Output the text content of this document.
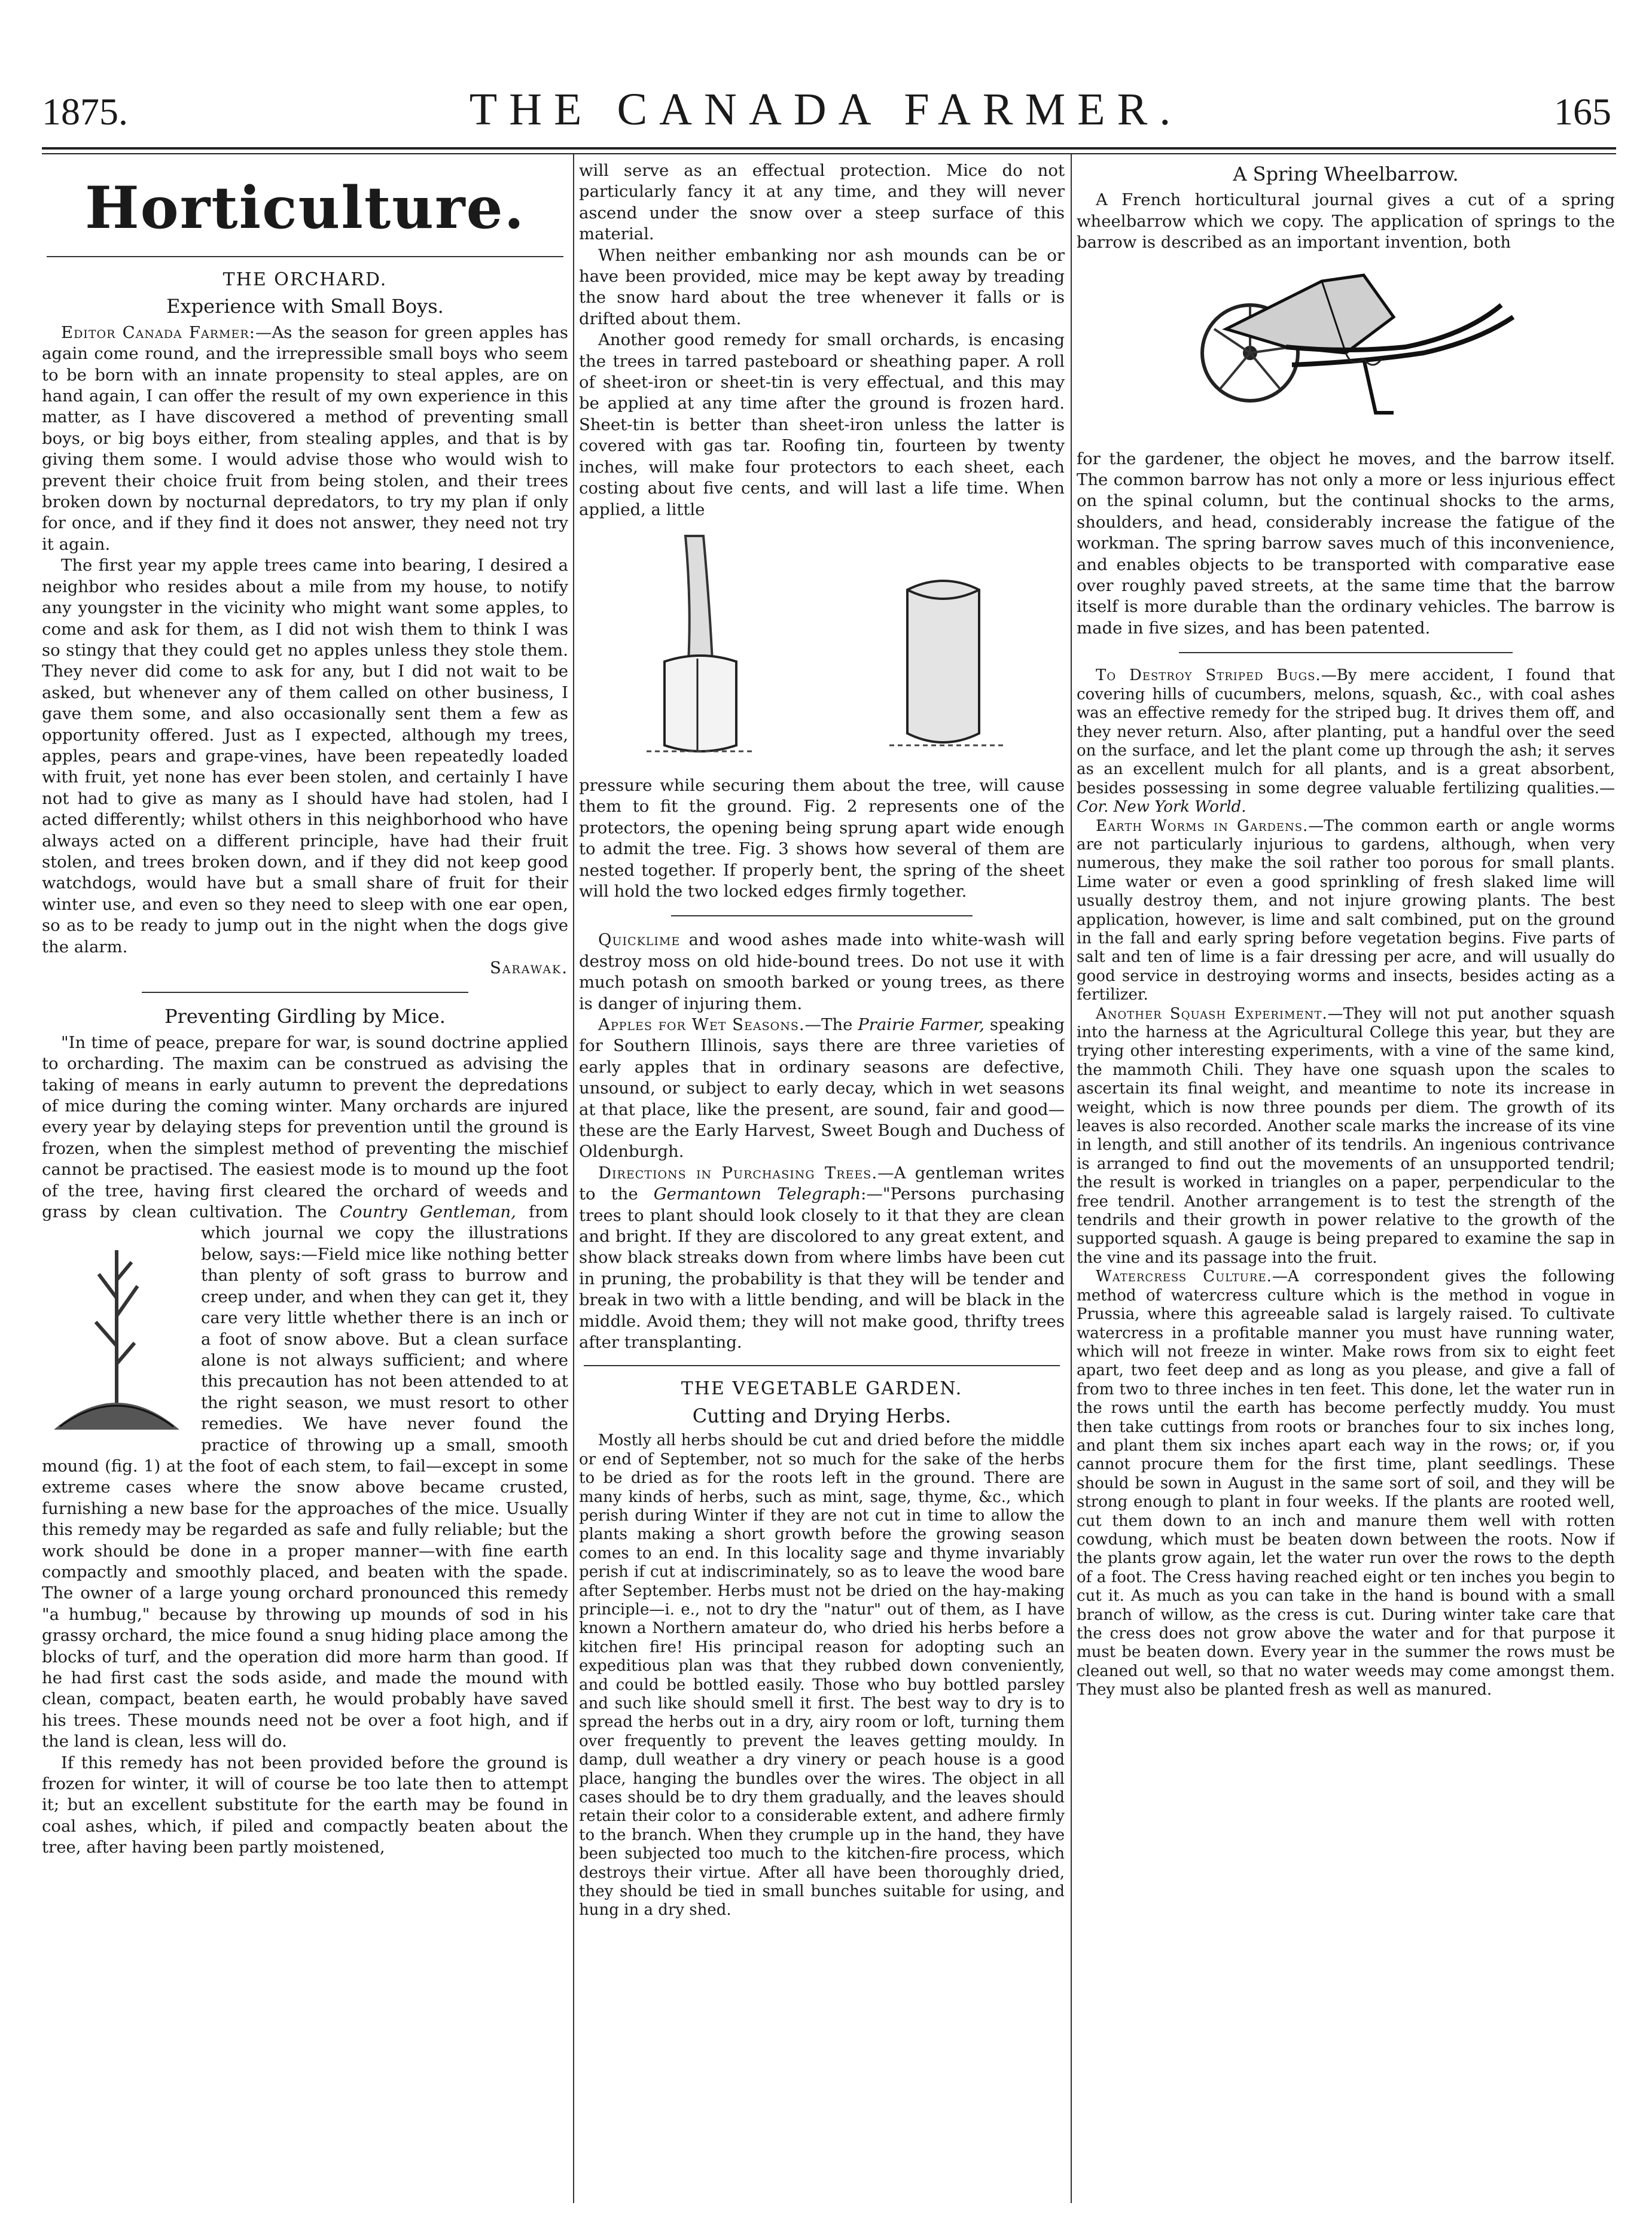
1875.	THE CANADA FARMER.	165
Horticulture.
THE ORCHARD.
Experience with Small Boys.

Editor Canada Farmer:—As the season for green apples has again come round, and the irrepressible small boys who seem to be born with an innate propensity to steal apples, are on hand again, I can offer the result of my own experience in this matter, as I have discovered a method of preventing small boys, or big boys either, from stealing apples, and that is by giving them some. I would advise those who would wish to prevent their choice fruit from being stolen, and their trees broken down by nocturnal depredators, to try my plan if only for once, and if they find it does not answer, they need not try it again.

The first year my apple trees came into bearing, I desired a neighbor who resides about a mile from my house, to notify any youngster in the vicinity who might want some apples, to come and ask for them, as I did not wish them to think I was so stingy that they could get no apples unless they stole them. They never did come to ask for any, but I did not wait to be asked, but whenever any of them called on other business, I gave them some, and also occasionally sent them a few as opportunity offered. Just as I expected, although my trees, apples, pears and grape-vines, have been repeatedly loaded with fruit, yet none has ever been stolen, and certainly I have not had to give as many as I should have had stolen, had I acted differently; whilst others in this neighborhood who have always acted on a different principle, have had their fruit stolen, and trees broken down, and if they did not keep good watchdogs, would have but a small share of fruit for their winter use, and even so they need to sleep with one ear open, so as to be ready to jump out in the night when the dogs give the alarm.

Sarawak.
Preventing Girdling by Mice.

"In time of peace, prepare for war, is sound doctrine applied to orcharding. The maxim can be construed as advising the taking of means in early autumn to prevent the depredations of mice during the coming winter. Many orchards are injured every year by delaying steps for prevention until the ground is frozen, when the simplest method of preventing the mischief cannot be practised. The easiest mode is to mound up the foot of the tree, having first cleared the orchard of weeds and grass by clean cultivation. The Country Gentleman, from which journal we copy the illustrations below, says:—Field mice like nothing better than plenty of soft grass to burrow and creep under, and when they can get it, they care very little whether there is an inch or a foot of snow above. But a clean surface alone is not always sufficient; and where this precaution has not been attended to at the right season, we must resort to other remedies. We have never found the practice of throwing up a small, smooth mound (fig. 1) at the foot of each stem, to fail—except in some extreme cases where the snow above became crusted, furnishing a new base for the approaches of the mice. Usually this remedy may be regarded as safe and fully reliable; but the work should be done in a proper manner—with fine earth compactly and smoothly placed, and beaten with the spade. The owner of a large young orchard pronounced this remedy "a humbug," because by throwing up mounds of sod in his grassy orchard, the mice found a snug hiding place among the blocks of turf, and the operation did more harm than good. If he had first cast the sods aside, and made the mound with clean, compact, beaten earth, he would probably have saved his trees. These mounds need not be over a foot high, and if the land is clean, less will do.

If this remedy has not been provided before the ground is frozen for winter, it will of course be too late then to attempt it; but an excellent substitute for the earth may be found in coal ashes, which, if piled and compactly beaten about the tree, after having been partly moistened,

will serve as an effectual protection. Mice do not particularly fancy it at any time, and they will never ascend under the snow over a steep surface of this material.

When neither embanking nor ash mounds can be or have been provided, mice may be kept away by treading the snow hard about the tree whenever it falls or is drifted about them.

Another good remedy for small orchards, is encasing the trees in tarred pasteboard or sheathing paper. A roll of sheet-iron or sheet-tin is very effectual, and this may be applied at any time after the ground is frozen hard. Sheet-tin is better than sheet-iron unless the latter is covered with gas tar. Roofing tin, fourteen by twenty inches, will make four protectors to each sheet, each costing about five cents, and will last a life time. When applied, a little

pressure while securing them about the tree, will cause them to fit the ground. Fig. 2 represents one of the protectors, the opening being sprung apart wide enough to admit the tree. Fig. 3 shows how several of them are nested together. If properly bent, the spring of the sheet will hold the two locked edges firmly together.

Quicklime and wood ashes made into white-wash will destroy moss on old hide-bound trees. Do not use it with much potash on smooth barked or young trees, as there is danger of injuring them.

Apples for Wet Seasons.—The Prairie Farmer, speaking for Southern Illinois, says there are three varieties of early apples that in ordinary seasons are defective, unsound, or subject to early decay, which in wet seasons at that place, like the present, are sound, fair and good—these are the Early Harvest, Sweet Bough and Duchess of Oldenburgh.

Directions in Purchasing Trees.—A gentleman writes to the Germantown Telegraph:—"Persons purchasing trees to plant should look closely to it that they are clean and bright. If they are discolored to any great extent, and show black streaks down from where limbs have been cut in pruning, the probability is that they will be tender and break in two with a little bending, and will be black in the middle. Avoid them; they will not make good, thrifty trees after transplanting.

THE VEGETABLE GARDEN.
Cutting and Drying Herbs.

Mostly all herbs should be cut and dried before the middle or end of September, not so much for the sake of the herbs to be dried as for the roots left in the ground. There are many kinds of herbs, such as mint, sage, thyme, &c., which perish during Winter if they are not cut in time to allow the plants making a short growth before the growing season comes to an end. In this locality sage and thyme invariably perish if cut at indiscriminately, so as to leave the wood bare after September. Herbs must not be dried on the hay-making principle—i. e., not to dry the "natur" out of them, as I have known a Northern amateur do, who dried his herbs before a kitchen fire! His principal reason for adopting such an expeditious plan was that they rubbed down conveniently, and could be bottled easily. Those who buy bottled parsley and such like should smell it first. The best way to dry is to spread the herbs out in a dry, airy room or loft, turning them over frequently to prevent the leaves getting mouldy. In damp, dull weather a dry vinery or peach house is a good place, hanging the bundles over the wires. The object in all cases should be to dry them gradually, and the leaves should retain their color to a considerable extent, and adhere firmly to the branch. When they crumple up in the hand, they have been subjected too much to the kitchen-fire process, which destroys their virtue. After all have been thoroughly dried, they should be tied in small bunches suitable for using, and hung in a dry shed.

A Spring Wheelbarrow.

A French horticultural journal gives a cut of a spring wheelbarrow which we copy. The application of springs to the barrow is described as an important invention, both

for the gardener, the object he moves, and the barrow itself. The common barrow has not only a more or less injurious effect on the spinal column, but the continual shocks to the arms, shoulders, and head, considerably increase the fatigue of the workman. The spring barrow saves much of this inconvenience, and enables objects to be transported with comparative ease over roughly paved streets, at the same time that the barrow itself is more durable than the ordinary vehicles. The barrow is made in five sizes, and has been patented.

To Destroy Striped Bugs.—By mere accident, I found that covering hills of cucumbers, melons, squash, &c., with coal ashes was an effective remedy for the striped bug. It drives them off, and they never return. Also, after planting, put a handful over the seed on the surface, and let the plant come up through the ash; it serves as an excellent mulch for all plants, and is a great absorbent, besides possessing in some degree valuable fertilizing qualities.—Cor. New York World.

Earth Worms in Gardens.—The common earth or angle worms are not particularly injurious to gardens, although, when very numerous, they make the soil rather too porous for small plants. Lime water or even a good sprinkling of fresh slaked lime will usually destroy them, and not injure growing plants. The best application, however, is lime and salt combined, put on the ground in the fall and early spring before vegetation begins. Five parts of salt and ten of lime is a fair dressing per acre, and will usually do good service in destroying worms and insects, besides acting as a fertilizer.

Another Squash Experiment.—They will not put another squash into the harness at the Agricultural College this year, but they are trying other interesting experiments, with a vine of the same kind, the mammoth Chili. They have one squash upon the scales to ascertain its final weight, and meantime to note its increase in weight, which is now three pounds per diem. The growth of its leaves is also recorded. Another scale marks the increase of its vine in length, and still another of its tendrils. An ingenious contrivance is arranged to find out the movements of an unsupported tendril; the result is worked in triangles on a paper, perpendicular to the free tendril. Another arrangement is to test the strength of the tendrils and their growth in power relative to the growth of the supported squash. A gauge is being prepared to examine the sap in the vine and its passage into the fruit.

Watercress Culture.—A correspondent gives the following method of watercress culture which is the method in vogue in Prussia, where this agreeable salad is largely raised. To cultivate watercress in a profitable manner you must have running water, which will not freeze in winter. Make rows from six to eight feet apart, two feet deep and as long as you please, and give a fall of from two to three inches in ten feet. This done, let the water run in the rows until the earth has become perfectly muddy. You must then take cuttings from roots or branches four to six inches long, and plant them six inches apart each way in the rows; or, if you cannot procure them for the first time, plant seedlings. These should be sown in August in the same sort of soil, and they will be strong enough to plant in four weeks. If the plants are rooted well, cut them down to an inch and manure them well with rotten cowdung, which must be beaten down between the roots. Now if the plants grow again, let the water run over the rows to the depth of a foot. The Cress having reached eight or ten inches you begin to cut it. As much as you can take in the hand is bound with a small branch of willow, as the cress is cut. During winter take care that the cress does not grow above the water and for that purpose it must be beaten down. Every year in the summer the rows must be cleaned out well, so that no water weeds may come amongst them. They must also be planted fresh as well as manured.
